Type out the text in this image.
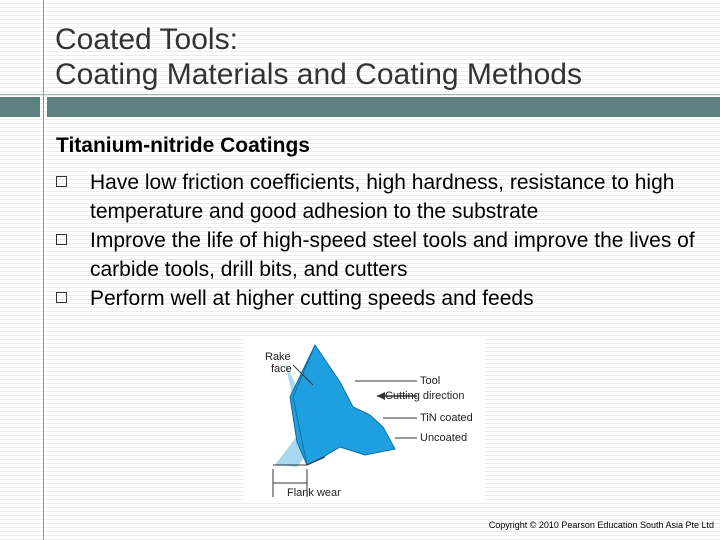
Coated Tools:
Coating Materials and Coating Methods
Titanium-nitride Coatings
Have low friction coefficients, high hardness, resistance to high temperature and good adhesion to the substrate
Improve the life of high-speed steel tools and improve the lives of carbide tools, drill bits, and cutters
Perform well at higher cutting speeds and feeds
Rake
face
Tool
Cutting direction
TiN coated
Uncoated
Flank wear
Copyright © 2010 Pearson Education South Asia Pte Ltd
